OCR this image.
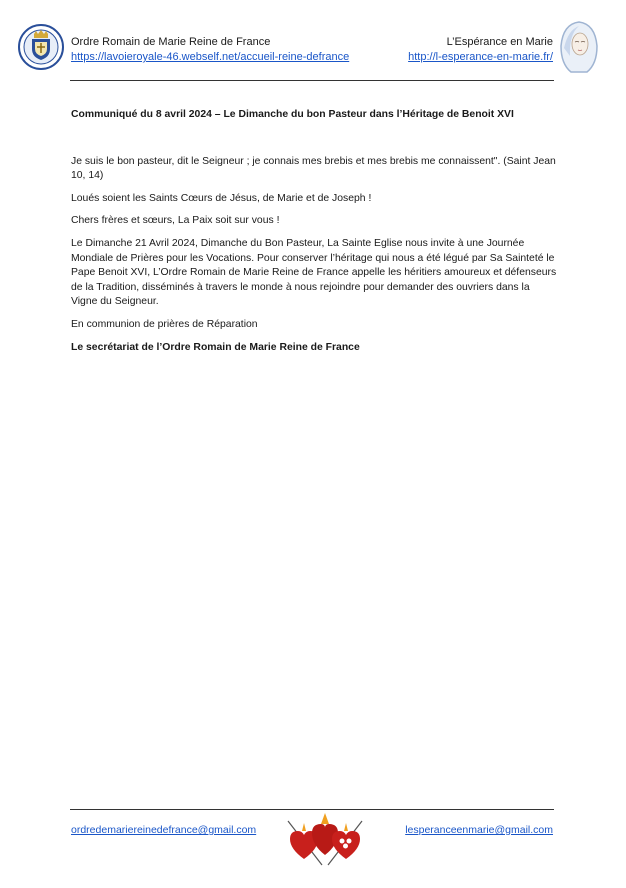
Ordre Romain de Marie Reine de France
https://lavoieroyale-46.webself.net/accueil-reine-defrance
L’Espérance en Marie
http://l-esperance-en-marie.fr/

Communiqué du 8 avril 2024 – Le Dimanche du bon Pasteur dans l’Héritage de Benoit XVI

Je suis le bon pasteur, dit le Seigneur ; je connais mes brebis et mes brebis me connaissent". (Saint Jean 10, 14)

Loués soient les Saints Cœurs de Jésus, de Marie et de Joseph !

Chers frères et sœurs, La Paix soit sur vous !

Le Dimanche 21 Avril 2024, Dimanche du Bon Pasteur, La Sainte Eglise nous invite à une Journée Mondiale de Prières pour les Vocations. Pour conserver l’héritage qui nous a été légué par Sa Sainteté le Pape Benoit XVI, L’Ordre Romain de Marie Reine de France appelle les héritiers amoureux et défenseurs de la Tradition, disséminés à travers le monde à nous rejoindre pour demander des ouvriers dans la Vigne du Seigneur.

En communion de prières de Réparation

Le secrétariat de l’Ordre Romain de Marie Reine de France

ordredemariereinedefrance@gmail.com	lesperanceenmarie@gmail.com
